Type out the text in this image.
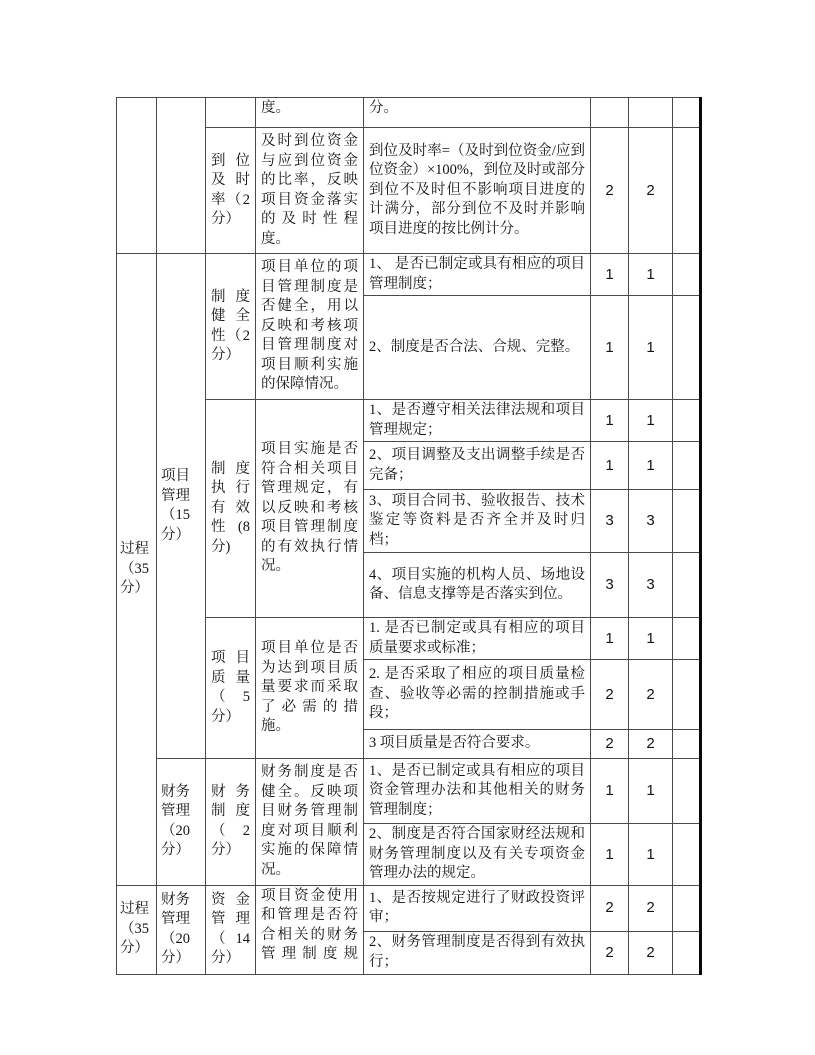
			度。	分。			
		到位及时率（2分）	及时到位资金与应到位资金的比率，反映项目资金落实的及时性程度。	到位及时率=（及时到位资金/应到位资金）×100%，到位及时或部分到位不及时但不影响项目进度的计满分，部分到位不及时并影响项目进度的按比例计分。	2	2	
过程（35分）	项目管理（15分）	制度健全性（2分）	项目单位的项目管理制度是否健全，用以反映和考核项目管理制度对项目顺利实施的保障情况。	1、 是否已制定或具有相应的项目管理制度；	1	1	
				2、制度是否合法、合规、完整。	1	1	
		制度执行有效性(8分)	项目实施是否符合相关项目管理规定，有以反映和考核项目管理制度的有效执行情况。	1、是否遵守相关法律法规和项目管理规定；	1	1	
				2、项目调整及支出调整手续是否完备；	1	1	
				3、项目合同书、验收报告、技术鉴定等资料是否齐全并及时归档；	3	3	
				4、项目实施的机构人员、场地设备、信息支撑等是否落实到位。	3	3	
		项目质量（5分）	项目单位是否为达到项目质量要求而采取了必需的措施。	1. 是否已制定或具有相应的项目质量要求或标准；	1	1	
				2. 是否采取了相应的项目质量检查、验收等必需的控制措施或手段；	2	2	
				3 项目质量是否符合要求。	2	2	
	财务管理（20分）	财务制度（2分）	财务制度是否健全。反映项目财务管理制度对项目顺利实施的保障情况。	1、是否已制定或具有相应的项目资金管理办法和其他相关的财务管理制度；	1	1	
				2、制度是否符合国家财经法规和财务管理制度以及有关专项资金管理办法的规定。	1	1	
过程（35分）	财务管理（20分）	资金管理（14分）	项目资金使用和管理是否符合相关的财务管理制度规	1、是否按规定进行了财政投资评审；	2	2	
				2、财务管理制度是否得到有效执行；	2	2	
